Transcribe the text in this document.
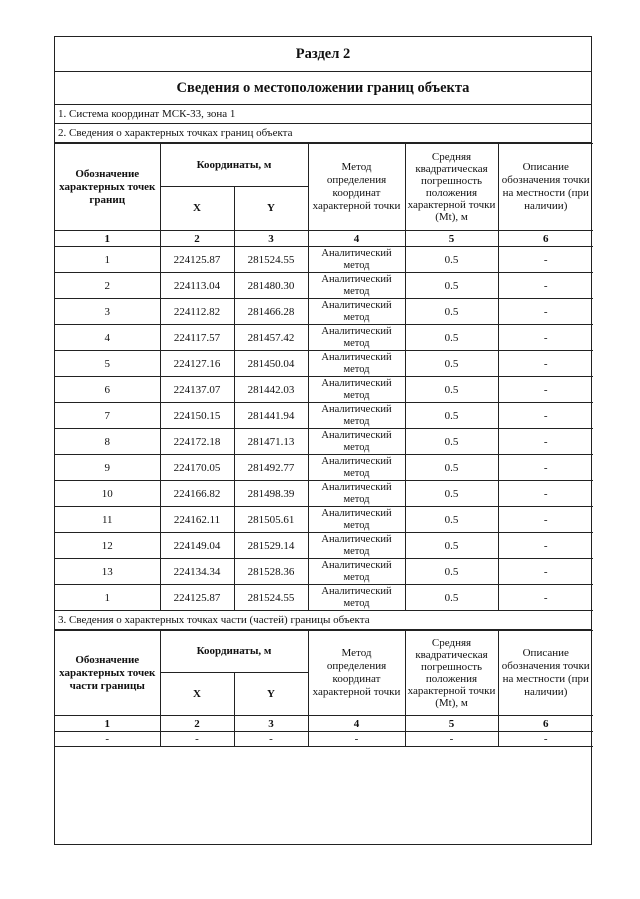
Раздел 2
Сведения о местоположении границ объекта
1. Система координат МСК-33, зона 1
2. Сведения о характерных точках границ объекта
Обозначение характерных точек границ	Координаты, м		Метод определения координат характерной точки	Средняя квадратическая погрешность положения характерной точки (Mt), м	Описание обозначения точки на местности (при наличии)
	X	Y			
1	2	3	4	5	6
1	224125.87	281524.55	Аналитический метод	0.5	-
2	224113.04	281480.30	Аналитический метод	0.5	-
3	224112.82	281466.28	Аналитический метод	0.5	-
4	224117.57	281457.42	Аналитический метод	0.5	-
5	224127.16	281450.04	Аналитический метод	0.5	-
6	224137.07	281442.03	Аналитический метод	0.5	-
7	224150.15	281441.94	Аналитический метод	0.5	-
8	224172.18	281471.13	Аналитический метод	0.5	-
9	224170.05	281492.77	Аналитический метод	0.5	-
10	224166.82	281498.39	Аналитический метод	0.5	-
11	224162.11	281505.61	Аналитический метод	0.5	-
12	224149.04	281529.14	Аналитический метод	0.5	-
13	224134.34	281528.36	Аналитический метод	0.5	-
1	224125.87	281524.55	Аналитический метод	0.5	-
3. Сведения о характерных точках части (частей) границы объекта
Обозначение характерных точек части границы	Координаты, м		Метод определения координат характерной точки	Средняя квадратическая погрешность положения характерной точки (Mt), м	Описание обозначения точки на местности (при наличии)
	X	Y			
1	2	3	4	5	6
-	-	-	-	-	-
